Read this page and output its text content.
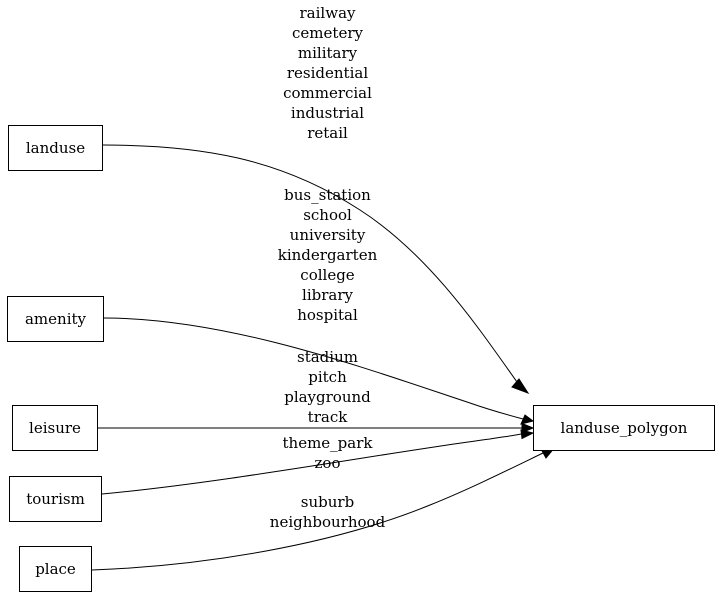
landuse
amenity
leisure
tourism
place
landuse_polygon
railway
cemetery
military
residential
commercial
industrial
retail
bus_station
school
university
kindergarten
college
library
hospital
stadium
pitch
playground
track
theme_park
zoo
suburb
neighbourhood
